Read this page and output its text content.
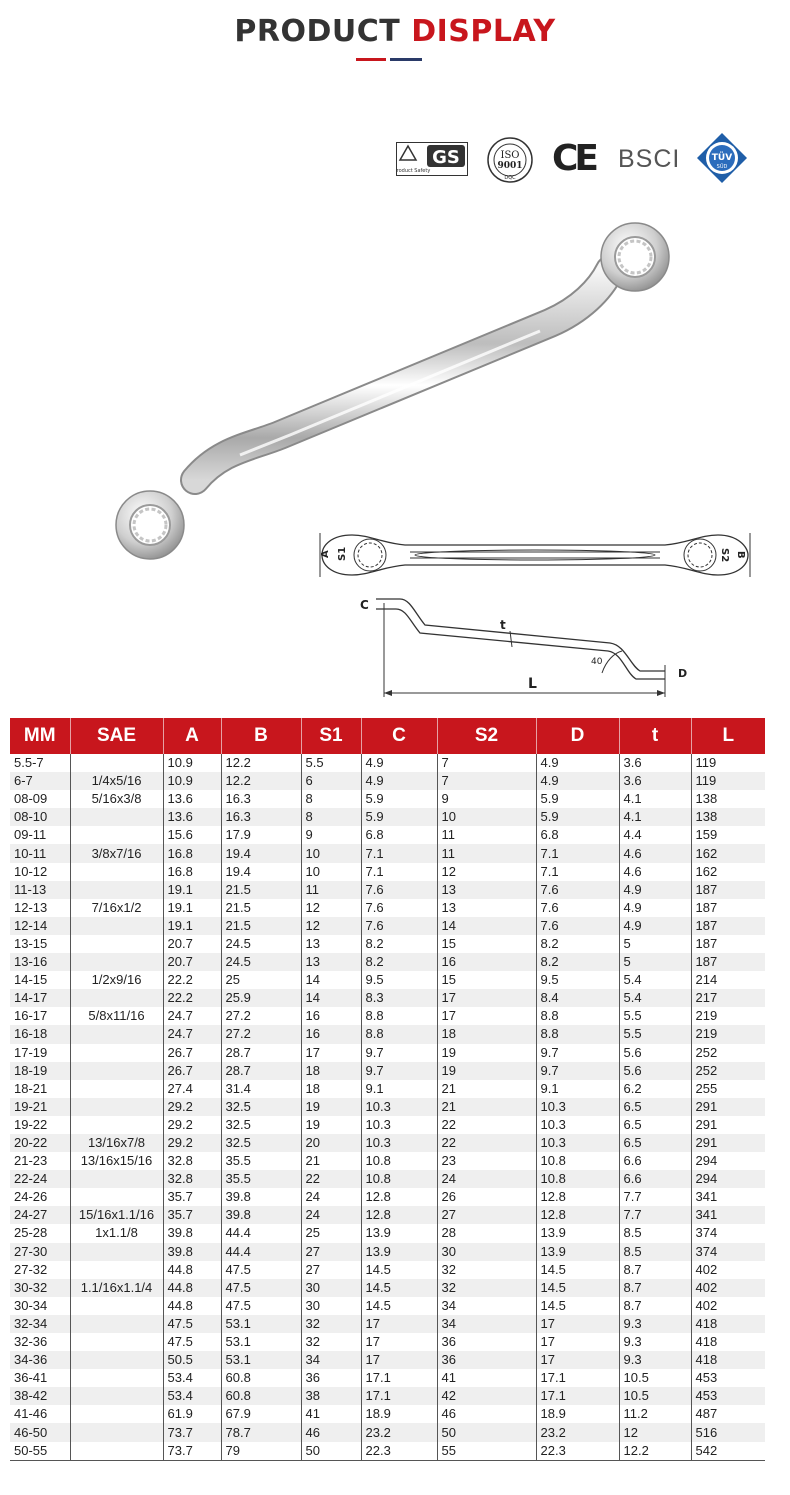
PRODUCT DISPLAY
GS
Product Safety
ISO
9001
DQC CE BSCI	TÜV
SÜD
A S1	S2 B
C
L
t
40
D
MM	SAE	A	B	S1	C	S2	D	t	L
5.5-7		10.9	12.2	5.5	4.9	7	4.9	3.6	119
6-7	1/4x5/16	10.9	12.2	6	4.9	7	4.9	3.6	119
08-09	5/16x3/8	13.6	16.3	8	5.9	9	5.9	4.1	138
08-10		13.6	16.3	8	5.9	10	5.9	4.1	138
09-11		15.6	17.9	9	6.8	11	6.8	4.4	159
10-11	3/8x7/16	16.8	19.4	10	7.1	11	7.1	4.6	162
10-12		16.8	19.4	10	7.1	12	7.1	4.6	162
11-13		19.1	21.5	11	7.6	13	7.6	4.9	187
12-13	7/16x1/2	19.1	21.5	12	7.6	13	7.6	4.9	187
12-14		19.1	21.5	12	7.6	14	7.6	4.9	187
13-15		20.7	24.5	13	8.2	15	8.2	5	187
13-16		20.7	24.5	13	8.2	16	8.2	5	187
14-15	1/2x9/16	22.2	25	14	9.5	15	9.5	5.4	214
14-17		22.2	25.9	14	8.3	17	8.4	5.4	217
16-17	5/8x11/16	24.7	27.2	16	8.8	17	8.8	5.5	219
16-18		24.7	27.2	16	8.8	18	8.8	5.5	219
17-19		26.7	28.7	17	9.7	19	9.7	5.6	252
18-19		26.7	28.7	18	9.7	19	9.7	5.6	252
18-21		27.4	31.4	18	9.1	21	9.1	6.2	255
19-21		29.2	32.5	19	10.3	21	10.3	6.5	291
19-22		29.2	32.5	19	10.3	22	10.3	6.5	291
20-22	13/16x7/8	29.2	32.5	20	10.3	22	10.3	6.5	291
21-23	13/16x15/16	32.8	35.5	21	10.8	23	10.8	6.6	294
22-24		32.8	35.5	22	10.8	24	10.8	6.6	294
24-26		35.7	39.8	24	12.8	26	12.8	7.7	341
24-27	15/16x1.1/16	35.7	39.8	24	12.8	27	12.8	7.7	341
25-28	1x1.1/8	39.8	44.4	25	13.9	28	13.9	8.5	374
27-30		39.8	44.4	27	13.9	30	13.9	8.5	374
27-32		44.8	47.5	27	14.5	32	14.5	8.7	402
30-32	1.1/16x1.1/4	44.8	47.5	30	14.5	32	14.5	8.7	402
30-34		44.8	47.5	30	14.5	34	14.5	8.7	402
32-34		47.5	53.1	32	17	34	17	9.3	418
32-36		47.5	53.1	32	17	36	17	9.3	418
34-36		50.5	53.1	34	17	36	17	9.3	418
36-41		53.4	60.8	36	17.1	41	17.1	10.5	453
38-42		53.4	60.8	38	17.1	42	17.1	10.5	453
41-46		61.9	67.9	41	18.9	46	18.9	11.2	487
46-50		73.7	78.7	46	23.2	50	23.2	12	516
50-55		73.7	79	50	22.3	55	22.3	12.2	542
